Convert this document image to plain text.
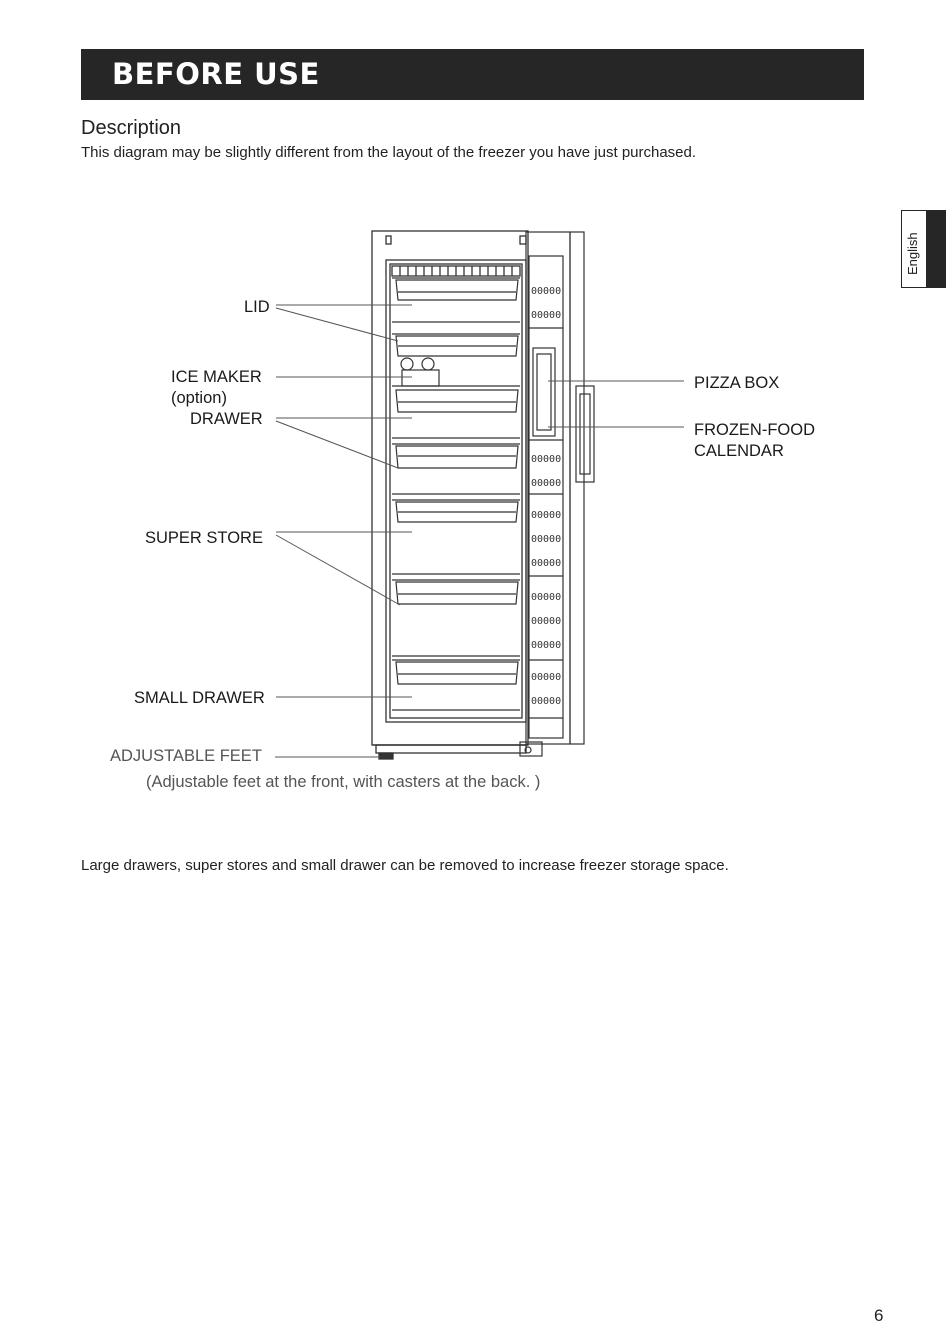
BEFORE USE
English
Description
This diagram may be slightly different from the layout of the freezer you have just purchased.
00000
00000
00000
00000
00000
00000
00000
00000
00000
00000
00000
00000
LID
ICE MAKER
(option)
DRAWER
SUPER STORE
SMALL DRAWER
ADJUSTABLE FEET
(Adjustable feet at the front, with casters at the back. )
PIZZA BOX
FROZEN-FOOD
CALENDAR
Large drawers, super stores and small drawer can be removed to increase freezer storage space.
6
